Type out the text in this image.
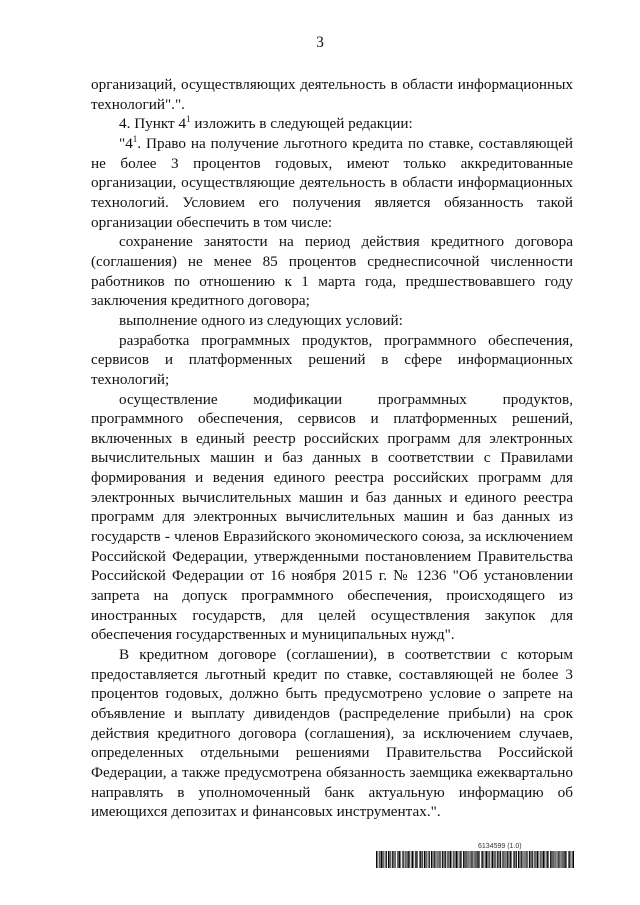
3

организаций, осуществляющих деятельность в области информационных технологий".".

4. Пункт $4^1$ изложить в следующей редакции:

"$4^1$. Право на получение льготного кредита по ставке, составляющей не более 3 процентов годовых, имеют только аккредитованные организации, осуществляющие деятельность в области информационных технологий. Условием его получения является обязанность такой организации обеспечить в том числе:

сохранение занятости на период действия кредитного договора (соглашения) не менее 85 процентов среднесписочной численности работников по отношению к 1 марта года, предшествовавшего году заключения кредитного договора;

выполнение одного из следующих условий:

разработка программных продуктов, программного обеспечения, сервисов и платформенных решений в сфере информационных технологий;

осуществление модификации программных продуктов, программного обеспечения, сервисов и платформенных решений, включенных в единый реестр российских программ для электронных вычислительных машин и баз данных в соответствии с Правилами формирования и ведения единого реестра российских программ для электронных вычислительных машин и баз данных и единого реестра программ для электронных вычислительных машин и баз данных из государств - членов Евразийского экономического союза, за исключением Российской Федерации, утвержденными постановлением Правительства Российской Федерации от 16 ноября 2015 г. № 1236 "Об установлении запрета на допуск программного обеспечения, происходящего из иностранных государств, для целей осуществления закупок для обеспечения государственных и муниципальных нужд".

В кредитном договоре (соглашении), в соответствии с которым предоставляется льготный кредит по ставке, составляющей не более 3 процентов годовых, должно быть предусмотрено условие о запрете на объявление и выплату дивидендов (распределение прибыли) на срок действия кредитного договора (соглашения), за исключением случаев, определенных отдельными решениями Правительства Российской Федерации, а также предусмотрена обязанность заемщика ежеквартально направлять в уполномоченный банк актуальную информацию об имеющихся депозитах и финансовых инструментах.".

6134599 (1.0)
